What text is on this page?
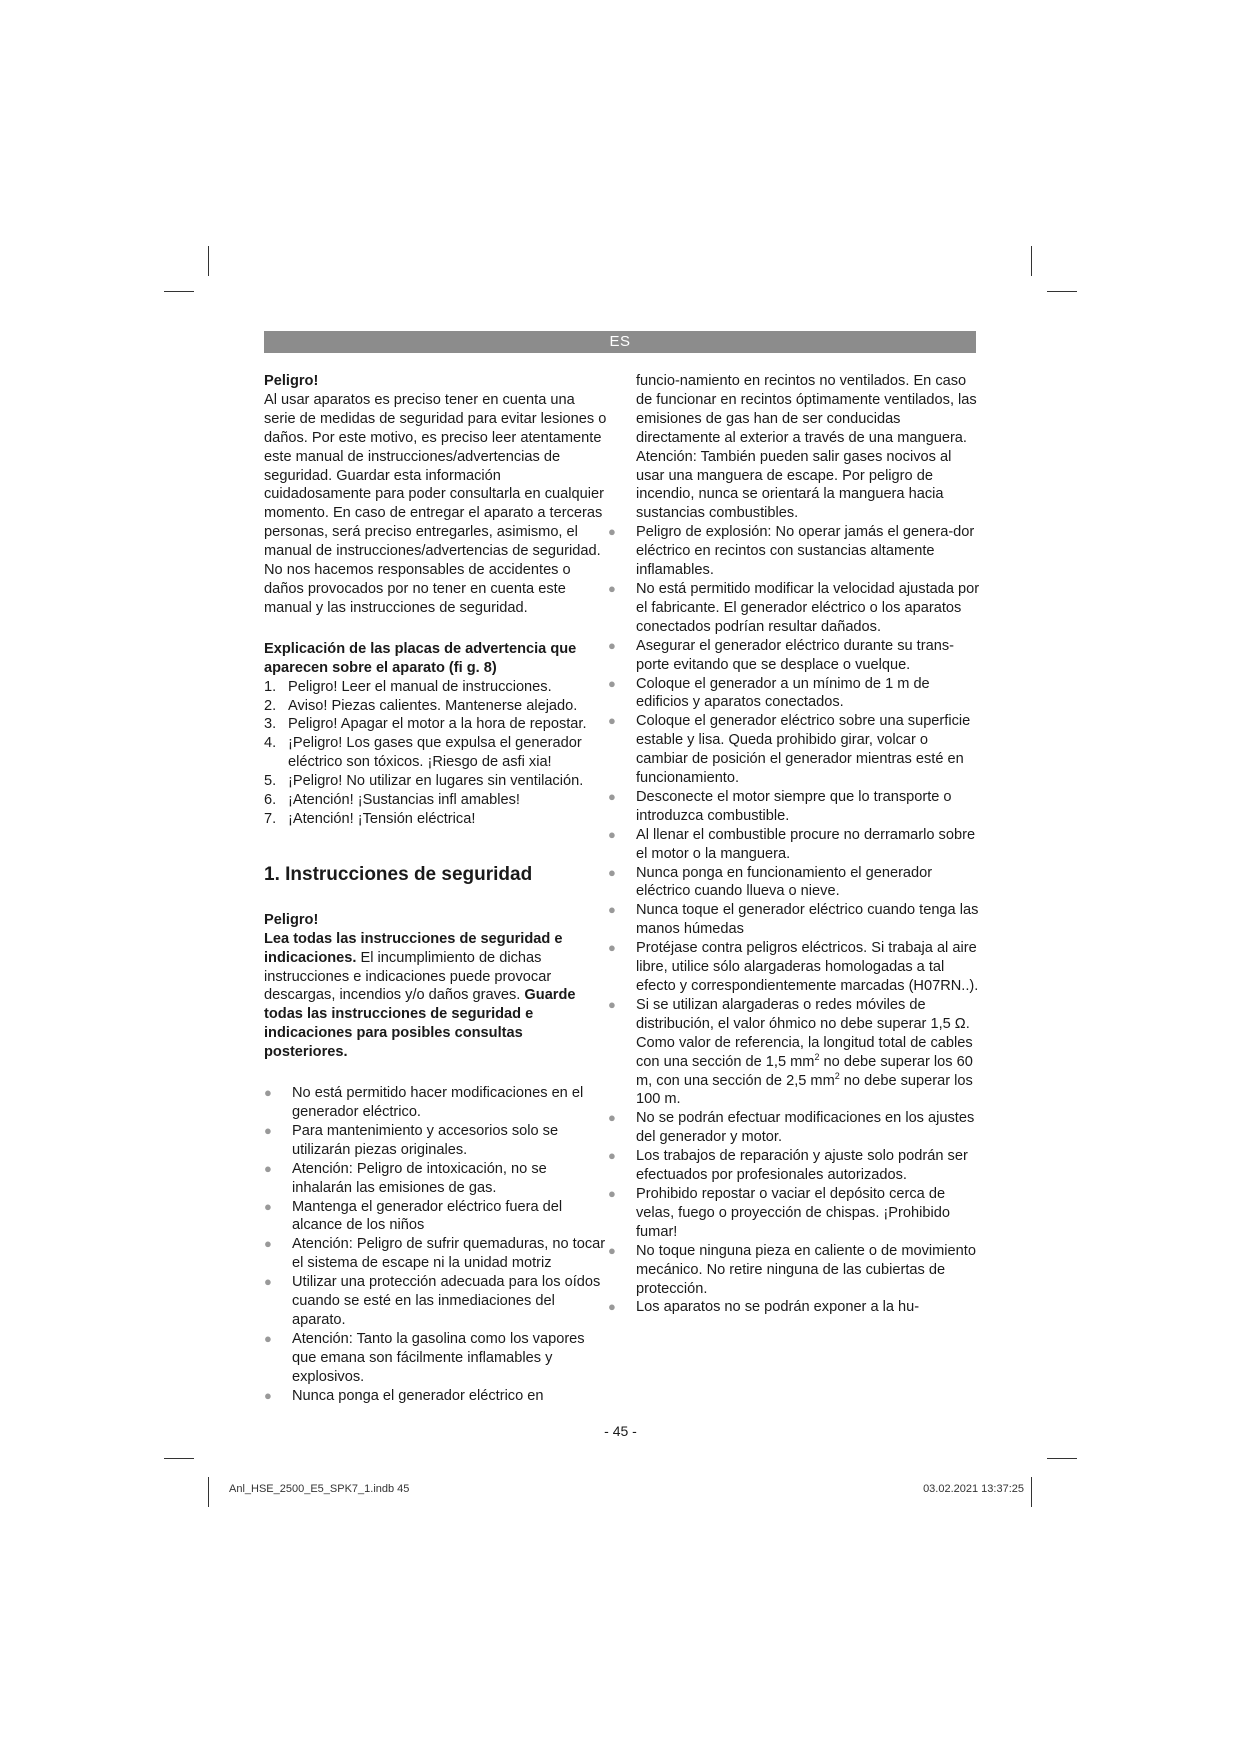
ES

Peligro!

Al usar aparatos es preciso tener en cuenta una serie de medidas de seguridad para evitar lesiones o daños. Por este motivo, es preciso leer atentamente este manual de instrucciones/advertencias de seguridad. Guardar esta información cuidadosamente para poder consultarla en cualquier momento. En caso de entregar el aparato a terceras personas, será preciso entregarles, asimismo, el manual de instrucciones/advertencias de seguridad. No nos hacemos responsables de accidentes o daños provocados por no tener en cuenta este manual y las instrucciones de seguridad.

Explicación de las placas de advertencia que aparecen sobre el aparato (fi g. 8)

1. Peligro! Leer el manual de instrucciones.
2. Aviso! Piezas calientes. Mantenerse alejado.
3. Peligro! Apagar el motor a la hora de repostar.
4. ¡Peligro! Los gases que expulsa el generador eléctrico son tóxicos. ¡Riesgo de asfi xia!
5. ¡Peligro! No utilizar en lugares sin ventilación.
6. ¡Atención! ¡Sustancias infl amables!
7. ¡Atención! ¡Tensión eléctrica!
1. Instrucciones de seguridad

Peligro!

Lea todas las instrucciones de seguridad e indicaciones. El incumplimiento de dichas instrucciones e indicaciones puede provocar descargas, incendios y/o daños graves. Guarde todas las instrucciones de seguridad e indicaciones para posibles consultas posteriores.

●	No está permitido hacer modificaciones en el generador eléctrico.
●	Para mantenimiento y accesorios solo se utilizarán piezas originales.
●	Atención: Peligro de intoxicación, no se inhalarán las emisiones de gas.
●	Mantenga el generador eléctrico fuera del alcance de los niños
●	Atención: Peligro de sufrir quemaduras, no tocar el sistema de escape ni la unidad motriz
●	Utilizar una protección adecuada para los oídos cuando se esté en las inmediaciones del aparato.
●	Atención: Tanto la gasolina como los vapores que emana son fácilmente inflamables y explosivos.
●	Nunca ponga el generador eléctrico en

funcio-namiento en recintos no ventilados. En caso de funcionar en recintos óptimamente ventilados, las emisiones de gas han de ser conducidas directamente al exterior a través de una manguera. Atención: También pueden salir gases nocivos al usar una manguera de escape. Por peligro de incendio, nunca se orientará la manguera hacia sustancias combustibles.

●	Peligro de explosión: No operar jamás el genera-dor eléctrico en recintos con sustancias altamente inflamables.
●	No está permitido modificar la velocidad ajustada por el fabricante. El generador eléctrico o los aparatos conectados podrían resultar dañados.
●	Asegurar el generador eléctrico durante su trans-porte evitando que se desplace o vuelque.
●	Coloque el generador a un mínimo de 1 m de edificios y aparatos conectados.
●	Coloque el generador eléctrico sobre una superficie estable y lisa. Queda prohibido girar, volcar o cambiar de posición el generador mientras esté en funcionamiento.
●	Desconecte el motor siempre que lo transporte o introduzca combustible.
●	Al llenar el combustible procure no derramarlo sobre el motor o la manguera.
●	Nunca ponga en funcionamiento el generador eléctrico cuando llueva o nieve.
●	Nunca toque el generador eléctrico cuando tenga las manos húmedas
●	Protéjase contra peligros eléctricos. Si trabaja al aire libre, utilice sólo alargaderas homologadas a tal efecto y correspondientemente marcadas (H07RN..).
●	Si se utilizan alargaderas o redes móviles de distribución, el valor óhmico no debe superar 1,5 Ω. Como valor de referencia, la longitud total de cables con una sección de 1,5 $mm^2$ no debe superar los 60 m, con una sección de 2,5 $mm^2$ no debe superar los 100 m.
●	No se podrán efectuar modificaciones en los ajustes del generador y motor.
●	Los trabajos de reparación y ajuste solo podrán ser efectuados por profesionales autorizados.
●	Prohibido repostar o vaciar el depósito cerca de velas, fuego o proyección de chispas. ¡Prohibido fumar!
●	No toque ninguna pieza en caliente o de movimiento mecánico. No retire ninguna de las cubiertas de protección.
●	Los aparatos no se podrán exponer a la hu-
- 45 -
Anl_HSE_2500_E5_SPK7_1.indb 45	03.02.2021 13:37:25
